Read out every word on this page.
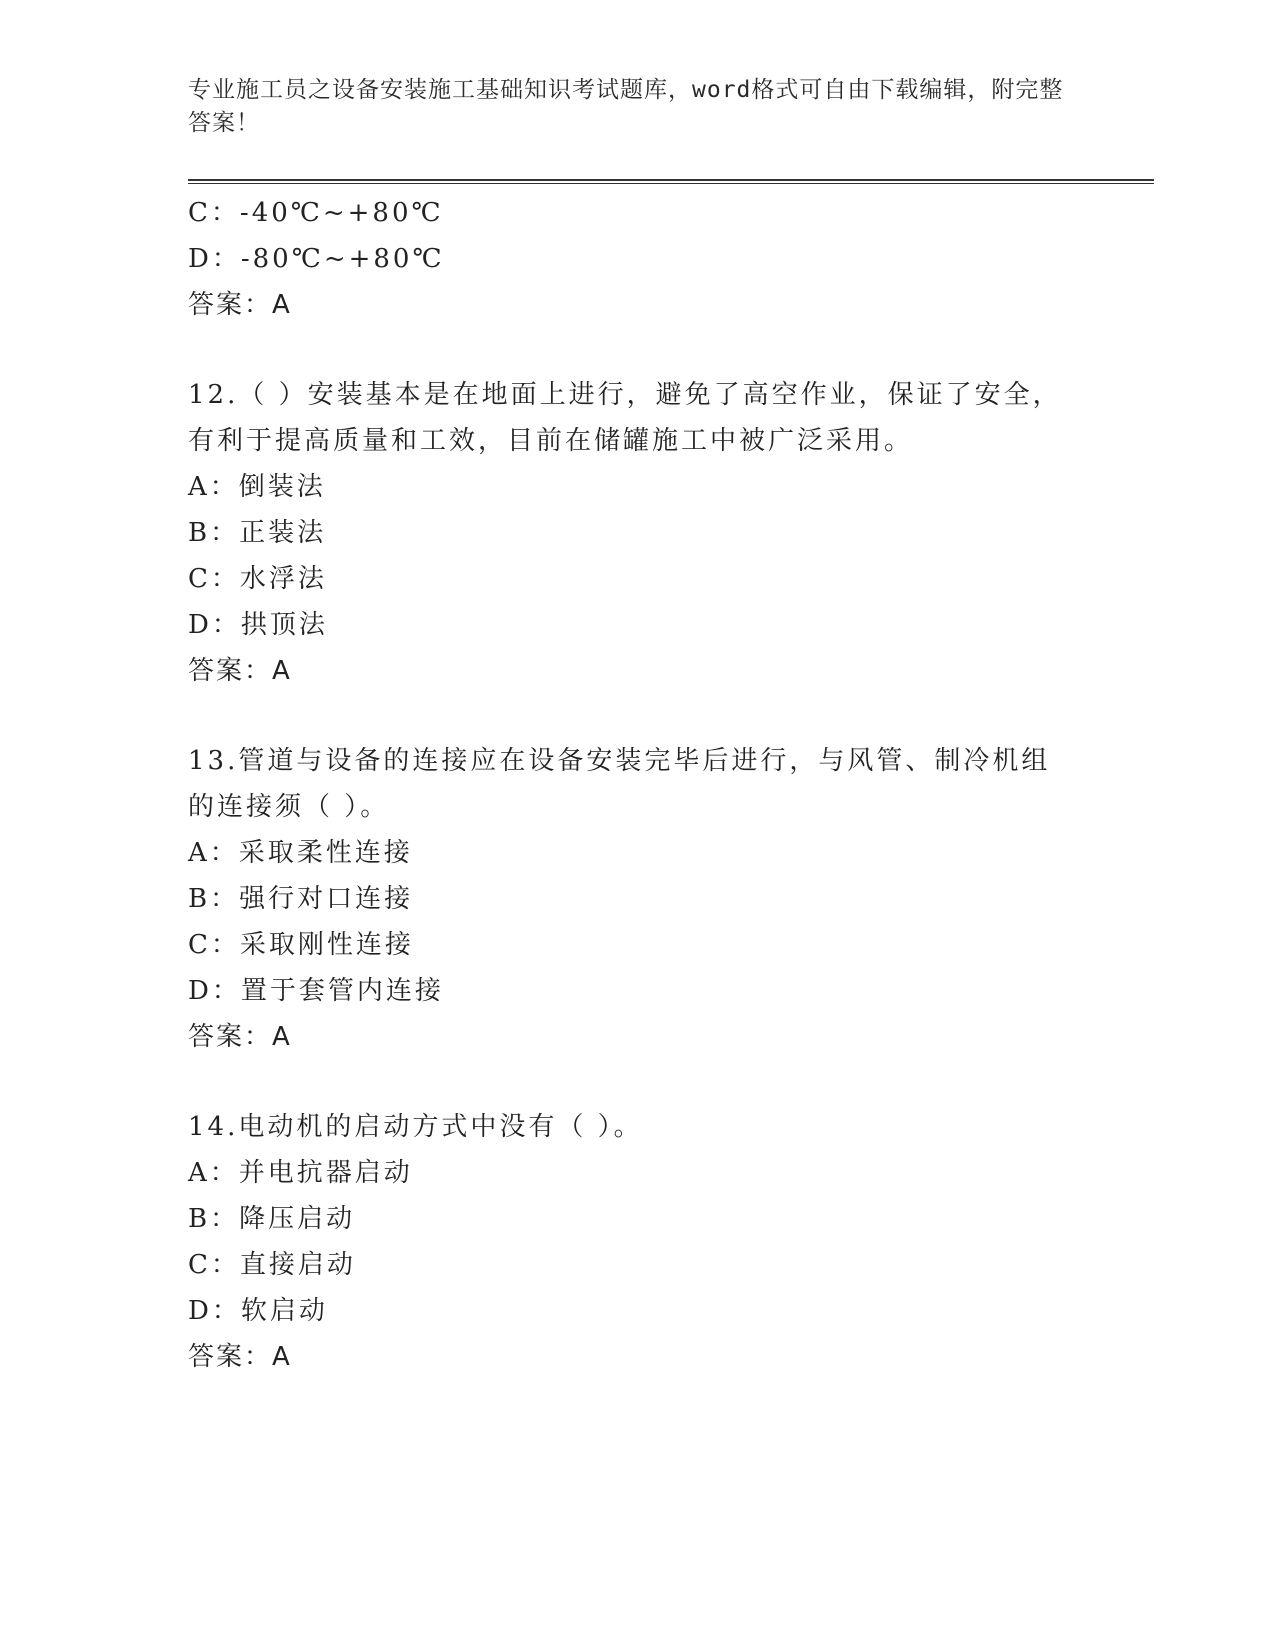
专业施工员之设备安装施工基础知识考试题库，word格式可自由下载编辑，附完整答案！
C：-40℃~+80℃
D：-80℃~+80℃
答案：A
12.（ ）安装基本是在地面上进行，避免了高空作业，保证了安全，有利于提高质量和工效，目前在储罐施工中被广泛采用。
A：倒装法
B：正装法
C：水浮法
D：拱顶法
答案：A
13.管道与设备的连接应在设备安装完毕后进行，与风管、制冷机组的连接须（ ）。
A：采取柔性连接
B：强行对口连接
C：采取刚性连接
D：置于套管内连接
答案：A
14.电动机的启动方式中没有（ ）。
A：并电抗器启动
B：降压启动
C：直接启动
D：软启动
答案：A
